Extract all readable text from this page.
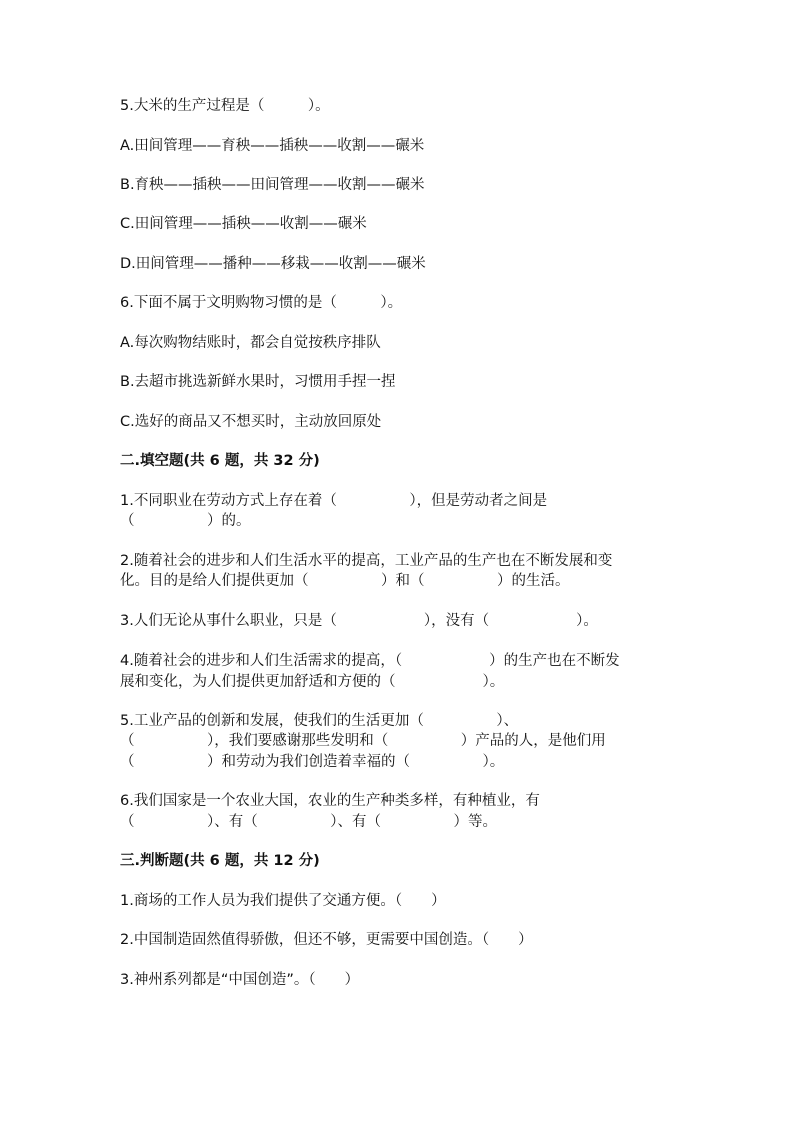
5.大米的生产过程是（　　　）。
A.田间管理——育秧——插秧——收割——碾米
B.育秧——插秧——田间管理——收割——碾米
C.田间管理——插秧——收割——碾米
D.田间管理——播种——移栽——收割——碾米
6.下面不属于文明购物习惯的是（　　　）。
A.每次购物结账时，都会自觉按秩序排队
B.去超市挑选新鲜水果时，习惯用手捏一捏
C.选好的商品又不想买时，主动放回原处
二.填空题(共 6 题，共 32 分)
1.不同职业在劳动方式上存在着（　　　　　），但是劳动者之间是
（　　　　　）的。
2.随着社会的进步和人们生活水平的提高，工业产品的生产也在不断发展和变
化。目的是给人们提供更加（　　　　　）和（　　　　　）的生活。
3.人们无论从事什么职业，只是（　　　　　　），没有（　　　　　　）。
4.随着社会的进步和人们生活需求的提高，（　　　　　　）的生产也在不断发
展和变化，为人们提供更加舒适和方便的（　　　　　　）。
5.工业产品的创新和发展，使我们的生活更加（　　　　　）、
（　　　　　），我们要感谢那些发明和（　　　　　）产品的人，是他们用
（　　　　　）和劳动为我们创造着幸福的（　　　　　）。
6.我们国家是一个农业大国，农业的生产种类多样，有种植业，有
（　　　　　）、有（　　　　　）、有（　　　　　）等。
三.判断题(共 6 题，共 12 分)
1.商场的工作人员为我们提供了交通方便。（　　）
2.中国制造固然值得骄傲，但还不够，更需要中国创造。（　　）
3.神州系列都是“中国创造”。（　　）
